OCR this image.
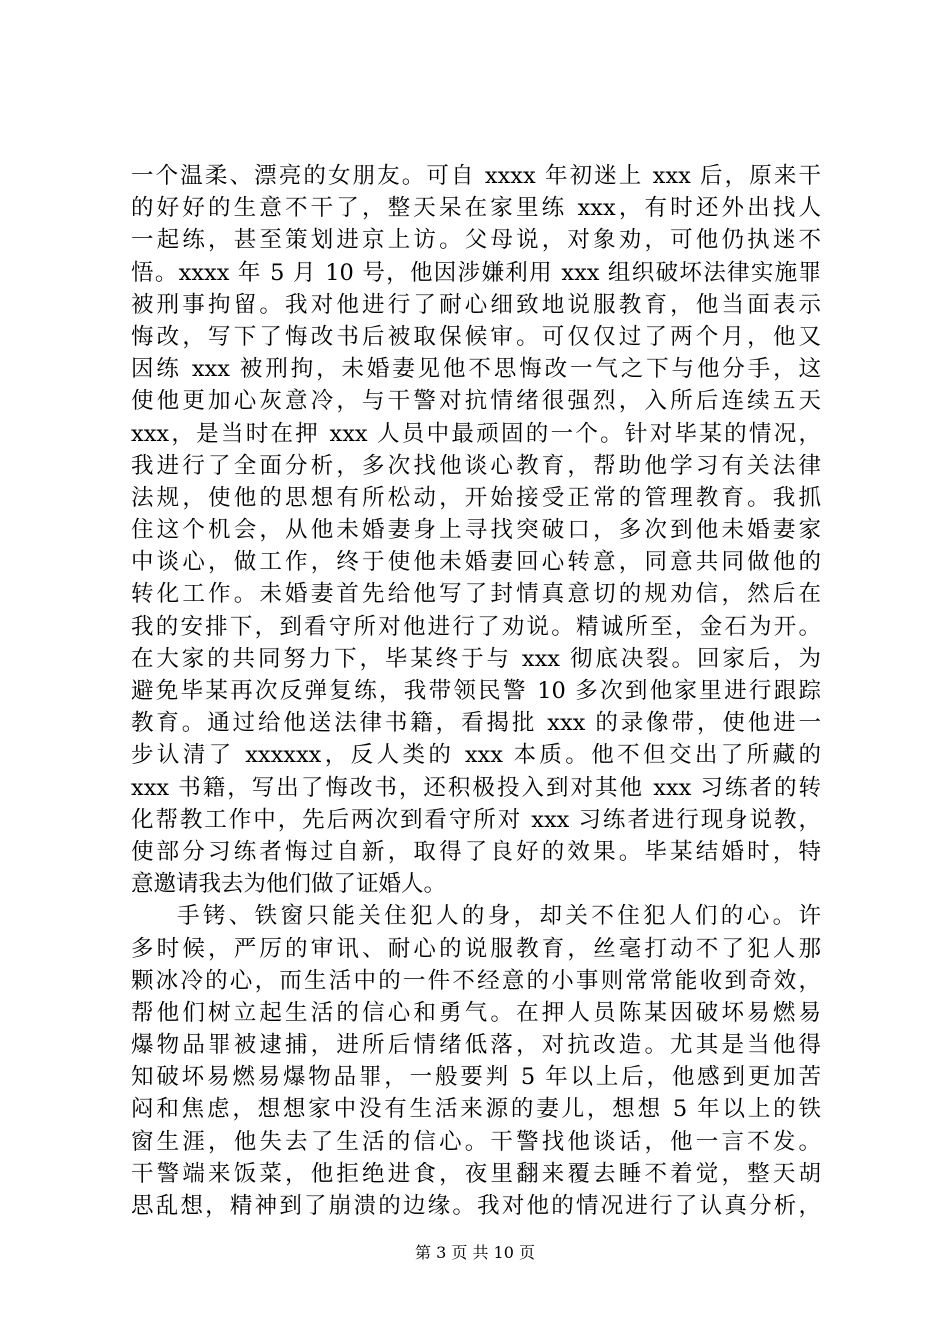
一个温柔、漂亮的女朋友。可自 xxxx 年初迷上 xxx 后，原来干
的好好的生意不干了，整天呆在家里练 xxx，有时还外出找人
一起练，甚至策划进京上访。父母说，对象劝，可他仍执迷不
悟。xxxx 年 5 月 10 号，他因涉嫌利用 xxx 组织破坏法律实施罪
被刑事拘留。我对他进行了耐心细致地说服教育，他当面表示
悔改，写下了悔改书后被取保候审。可仅仅过了两个月，他又
因练 xxx 被刑拘，未婚妻见他不思悔改一气之下与他分手，这
使他更加心灰意冷，与干警对抗情绪很强烈，入所后连续五天
xxx，是当时在押 xxx 人员中最顽固的一个。针对毕某的情况，
我进行了全面分析，多次找他谈心教育，帮助他学习有关法律
法规，使他的思想有所松动，开始接受正常的管理教育。我抓
住这个机会，从他未婚妻身上寻找突破口，多次到他未婚妻家
中谈心，做工作，终于使他未婚妻回心转意，同意共同做他的
转化工作。未婚妻首先给他写了封情真意切的规劝信，然后在
我的安排下，到看守所对他进行了劝说。精诚所至，金石为开。
在大家的共同努力下，毕某终于与 xxx 彻底决裂。回家后，为
避免毕某再次反弹复练，我带领民警 10 多次到他家里进行跟踪
教育。通过给他送法律书籍，看揭批 xxx 的录像带，使他进一
步认清了 xxxxxx，反人类的 xxx 本质。他不但交出了所藏的
xxx 书籍，写出了悔改书，还积极投入到对其他 xxx 习练者的转
化帮教工作中，先后两次到看守所对 xxx 习练者进行现身说教，
使部分习练者悔过自新，取得了良好的效果。毕某结婚时，特
意邀请我去为他们做了证婚人。
手铐、铁窗只能关住犯人的身，却关不住犯人们的心。许
多时候，严厉的审讯、耐心的说服教育，丝毫打动不了犯人那
颗冰冷的心，而生活中的一件不经意的小事则常常能收到奇效，
帮他们树立起生活的信心和勇气。在押人员陈某因破坏易燃易
爆物品罪被逮捕，进所后情绪低落，对抗改造。尤其是当他得
知破坏易燃易爆物品罪，一般要判 5 年以上后，他感到更加苦
闷和焦虑，想想家中没有生活来源的妻儿，想想 5 年以上的铁
窗生涯，他失去了生活的信心。干警找他谈话，他一言不发。
干警端来饭菜，他拒绝进食，夜里翻来覆去睡不着觉，整天胡
思乱想，精神到了崩溃的边缘。我对他的情况进行了认真分析，
第 3 页 共 10 页
